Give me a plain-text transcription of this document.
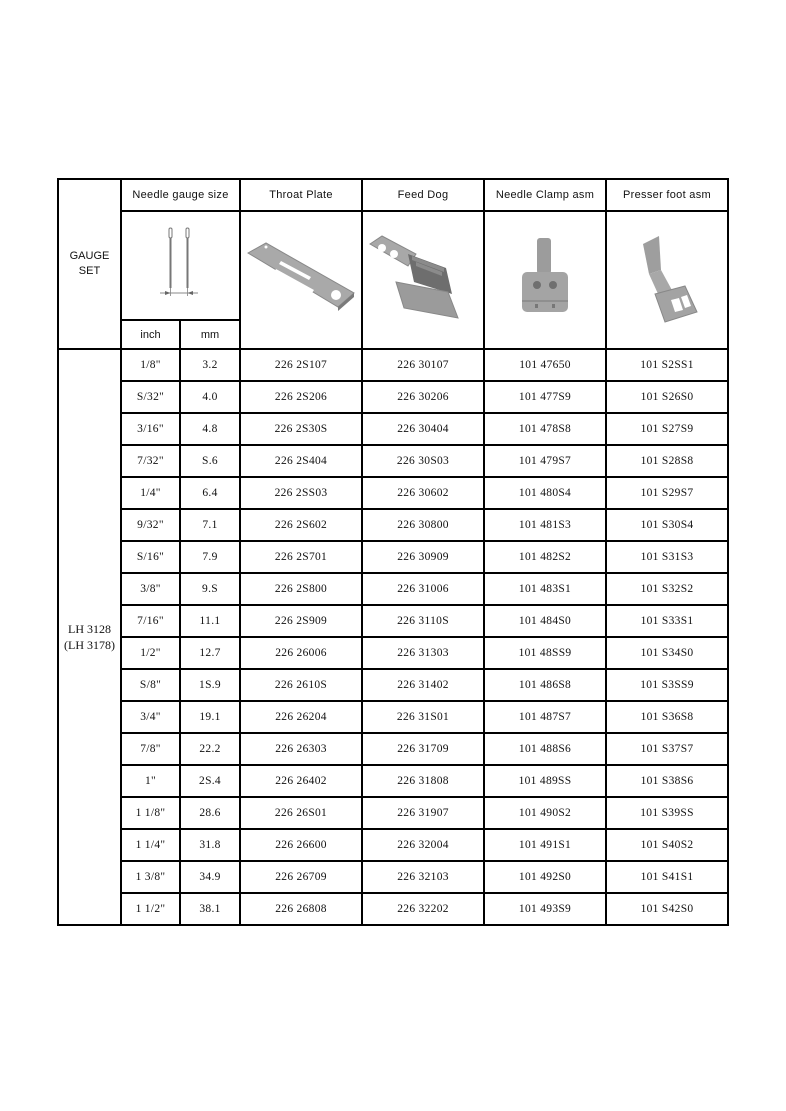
GAUGE
SET	Needle gauge size		Throat Plate	Feed Dog	Needle Clamp asm	Presser foot asm

	inch	mm				
LH 3128
(LH 3178)	1/8"	3.2	226 2S107	226 30107	101 47650	101 S2SS1
	S/32"	4.0	226 2S206	226 30206	101 477S9	101 S26S0
	3/16"	4.8	226 2S30S	226 30404	101 478S8	101 S27S9
	7/32"	S.6	226 2S404	226 30S03	101 479S7	101 S28S8
	1/4"	6.4	226 2SS03	226 30602	101 480S4	101 S29S7
	9/32"	7.1	226 2S602	226 30800	101 481S3	101 S30S4
	S/16"	7.9	226 2S701	226 30909	101 482S2	101 S31S3
	3/8"	9.S	226 2S800	226 31006	101 483S1	101 S32S2
	7/16"	11.1	226 2S909	226 3110S	101 484S0	101 S33S1
	1/2"	12.7	226 26006	226 31303	101 48SS9	101 S34S0
	S/8"	1S.9	226 2610S	226 31402	101 486S8	101 S3SS9
	3/4"	19.1	226 26204	226 31S01	101 487S7	101 S36S8
	7/8"	22.2	226 26303	226 31709	101 488S6	101 S37S7
	1"	2S.4	226 26402	226 31808	101 489SS	101 S38S6
	1 1/8"	28.6	226 26S01	226 31907	101 490S2	101 S39SS
	1 1/4"	31.8	226 26600	226 32004	101 491S1	101 S40S2
	1 3/8"	34.9	226 26709	226 32103	101 492S0	101 S41S1
	1 1/2"	38.1	226 26808	226 32202	101 493S9	101 S42S0
